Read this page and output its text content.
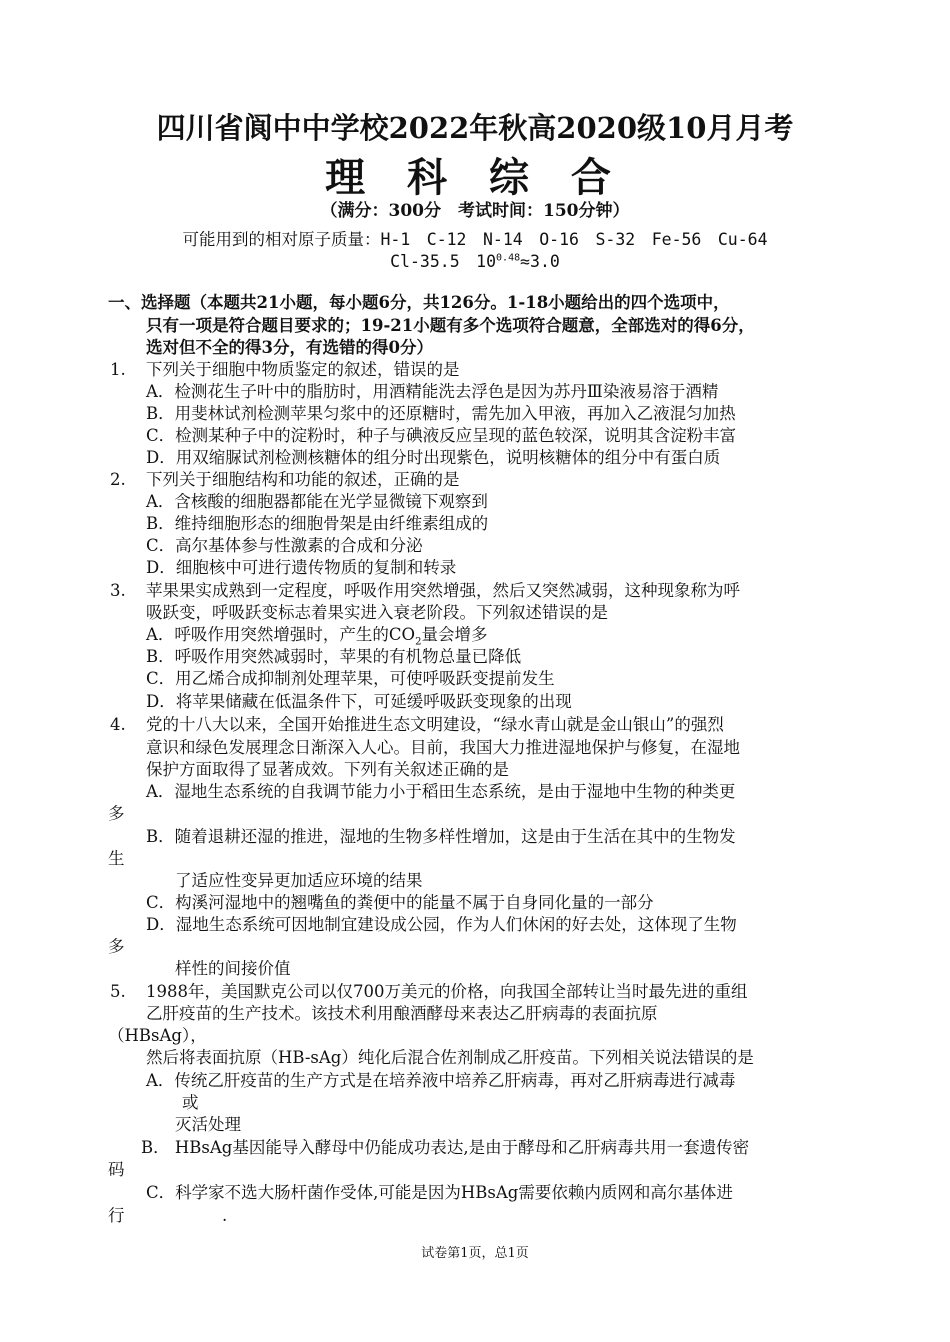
四川省阆中中学校2022年秋高2020级10月月考
理 科 综 合
（满分：300分　考试时间：150分钟）
可能用到的相对原子质量：H-1　C-12　N-14　O-16　S-32　Fe-56　Cu-64
Cl-35.5　$10^{0.48}\approx 3.0$
一、选择题（本题共21小题，每小题6分，共126分。1-18小题给出的四个选项中，
只有一项是符合题目要求的；19-21小题有多个选项符合题意，全部选对的得6分，
选对但不全的得3分，有选错的得0分）
1. 下列关于细胞中物质鉴定的叙述，错误的是
A．检测花生子叶中的脂肪时，用酒精能洗去浮色是因为苏丹Ⅲ染液易溶于酒精
B．用斐林试剂检测苹果匀浆中的还原糖时，需先加入甲液，再加入乙液混匀加热
C．检测某种子中的淀粉时，种子与碘液反应呈现的蓝色较深，说明其含淀粉丰富
D．用双缩脲试剂检测核糖体的组分时出现紫色，说明核糖体的组分中有蛋白质
2. 下列关于细胞结构和功能的叙述，正确的是
A．含核酸的细胞器都能在光学显微镜下观察到
B．维持细胞形态的细胞骨架是由纤维素组成的
C．高尔基体参与性激素的合成和分泌
D．细胞核中可进行遗传物质的复制和转录
3. 苹果果实成熟到一定程度，呼吸作用突然增强，然后又突然减弱，这种现象称为呼
吸跃变，呼吸跃变标志着果实进入衰老阶段。下列叙述错误的是
A．呼吸作用突然增强时，产生的$CO_2$量会增多
B．呼吸作用突然减弱时，苹果的有机物总量已降低
C．用乙烯合成抑制剂处理苹果，可使呼吸跃变提前发生
D．将苹果储藏在低温条件下，可延缓呼吸跃变现象的出现
4. 党的十八大以来，全国开始推进生态文明建设，“绿水青山就是金山银山”的强烈
意识和绿色发展理念日渐深入人心。目前，我国大力推进湿地保护与修复，在湿地
保护方面取得了显著成效。下列有关叙述正确的是
A．湿地生态系统的自我调节能力小于稻田生态系统，是由于湿地中生物的种类更
多
B．随着退耕还湿的推进，湿地的生物多样性增加，这是由于生活在其中的生物发
生
了适应性变异更加适应环境的结果
C．构溪河湿地中的翘嘴鱼的粪便中的能量不属于自身同化量的一部分
D．湿地生态系统可因地制宜建设成公园，作为人们休闲的好去处，这体现了生物
多
样性的间接价值
5. 1988年，美国默克公司以仅700万美元的价格，向我国全部转让当时最先进的重组
乙肝疫苗的生产技术。该技术利用酿酒酵母来表达乙肝病毒的表面抗原
（HBsAg），
然后将表面抗原（HB-sAg）纯化后混合佐剂制成乙肝疫苗。下列相关说法错误的是
A．传统乙肝疫苗的生产方式是在培养液中培养乙肝病毒，再对乙肝病毒进行减毒
或
灭活处理
B． HBsAg基因能导入酵母中仍能成功表达,是由于酵母和乙肝病毒共用一套遗传密
码
C．科学家不选大肠杆菌作受体,可能是因为HBsAg需要依赖内质网和高尔基体进
行	.
试卷第1页，总1页
